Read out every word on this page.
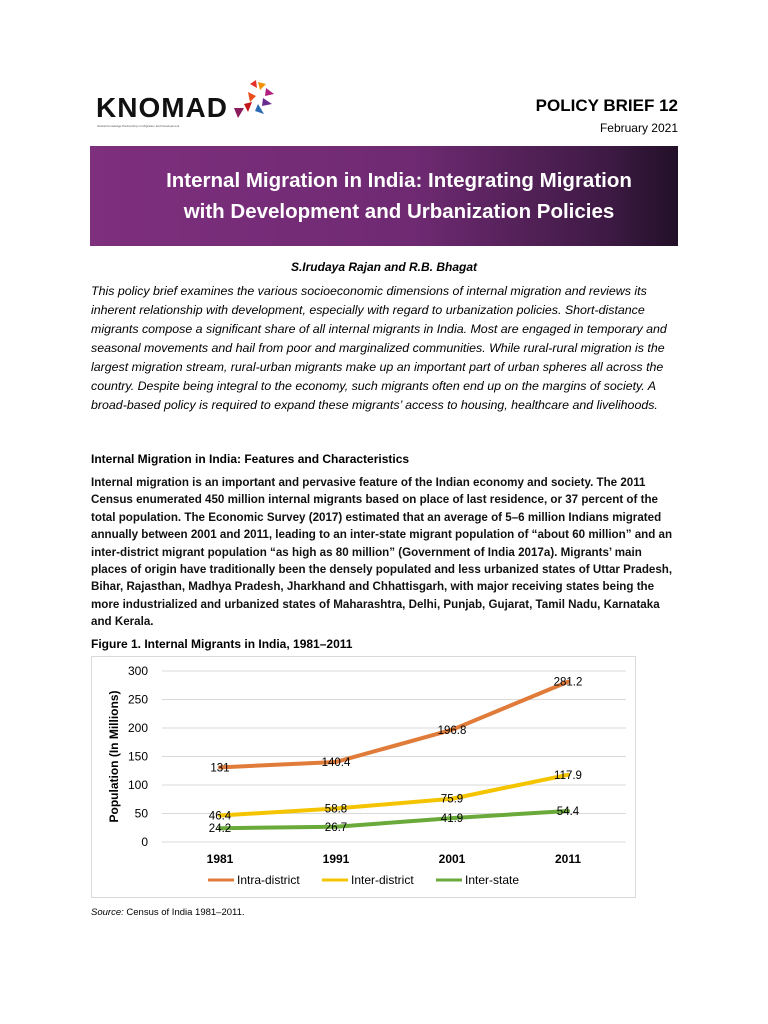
KNOMAD
Global Knowledge Partnership on Migration and Development
POLICY BRIEF 12
February 2021
Internal Migration in India: Integrating Migration
with Development and Urbanization Policies
S.Irudaya Rajan and R.B. Bhagat

This policy brief examines the various socioeconomic dimensions of internal migration and reviews its inherent relationship with development, especially with regard to urbanization policies. Short-distance migrants compose a significant share of all internal migrants in India. Most are engaged in temporary and seasonal movements and hail from poor and marginalized communities. While rural-rural migration is the largest migration stream, rural-urban migrants make up an important part of urban spheres all across the country. Despite being integral to the economy, such migrants often end up on the margins of society. A broad-based policy is required to expand these migrants’ access to housing, healthcare and livelihoods.

Internal Migration in India: Features and Characteristics

Internal migration is an important and pervasive feature of the Indian economy and society. The 2011 Census enumerated 450 million internal migrants based on place of last residence, or 37 percent of the total population. The Economic Survey (2017) estimated that an average of 5–6 million Indians migrated annually between 2001 and 2011, leading to an inter-state migrant population of “about 60 million” and an inter-district migrant population “as high as 80 million” (Government of India 2017a). Migrants’ main places of origin have traditionally been the densely populated and less urbanized states of Uttar Pradesh, Bihar, Rajasthan, Madhya Pradesh, Jharkhand and Chhattisgarh, with major receiving states being the more industrialized and urbanized states of Maharashtra, Delhi, Punjab, Gujarat, Tamil Nadu, Karnataka and Kerala.

Figure 1. Internal Migrants in India, 1981–2011
0
50
100
150
200
250
300
Population (In Millions)
1981	1991	2001	2011
131	140.4
196.8
281.2
46.4
58.8
75.9
117.9
24.2	26.7
41.9
54.4
Intra-district	Inter-district	Inter-state
Source: Census of India 1981–2011.
